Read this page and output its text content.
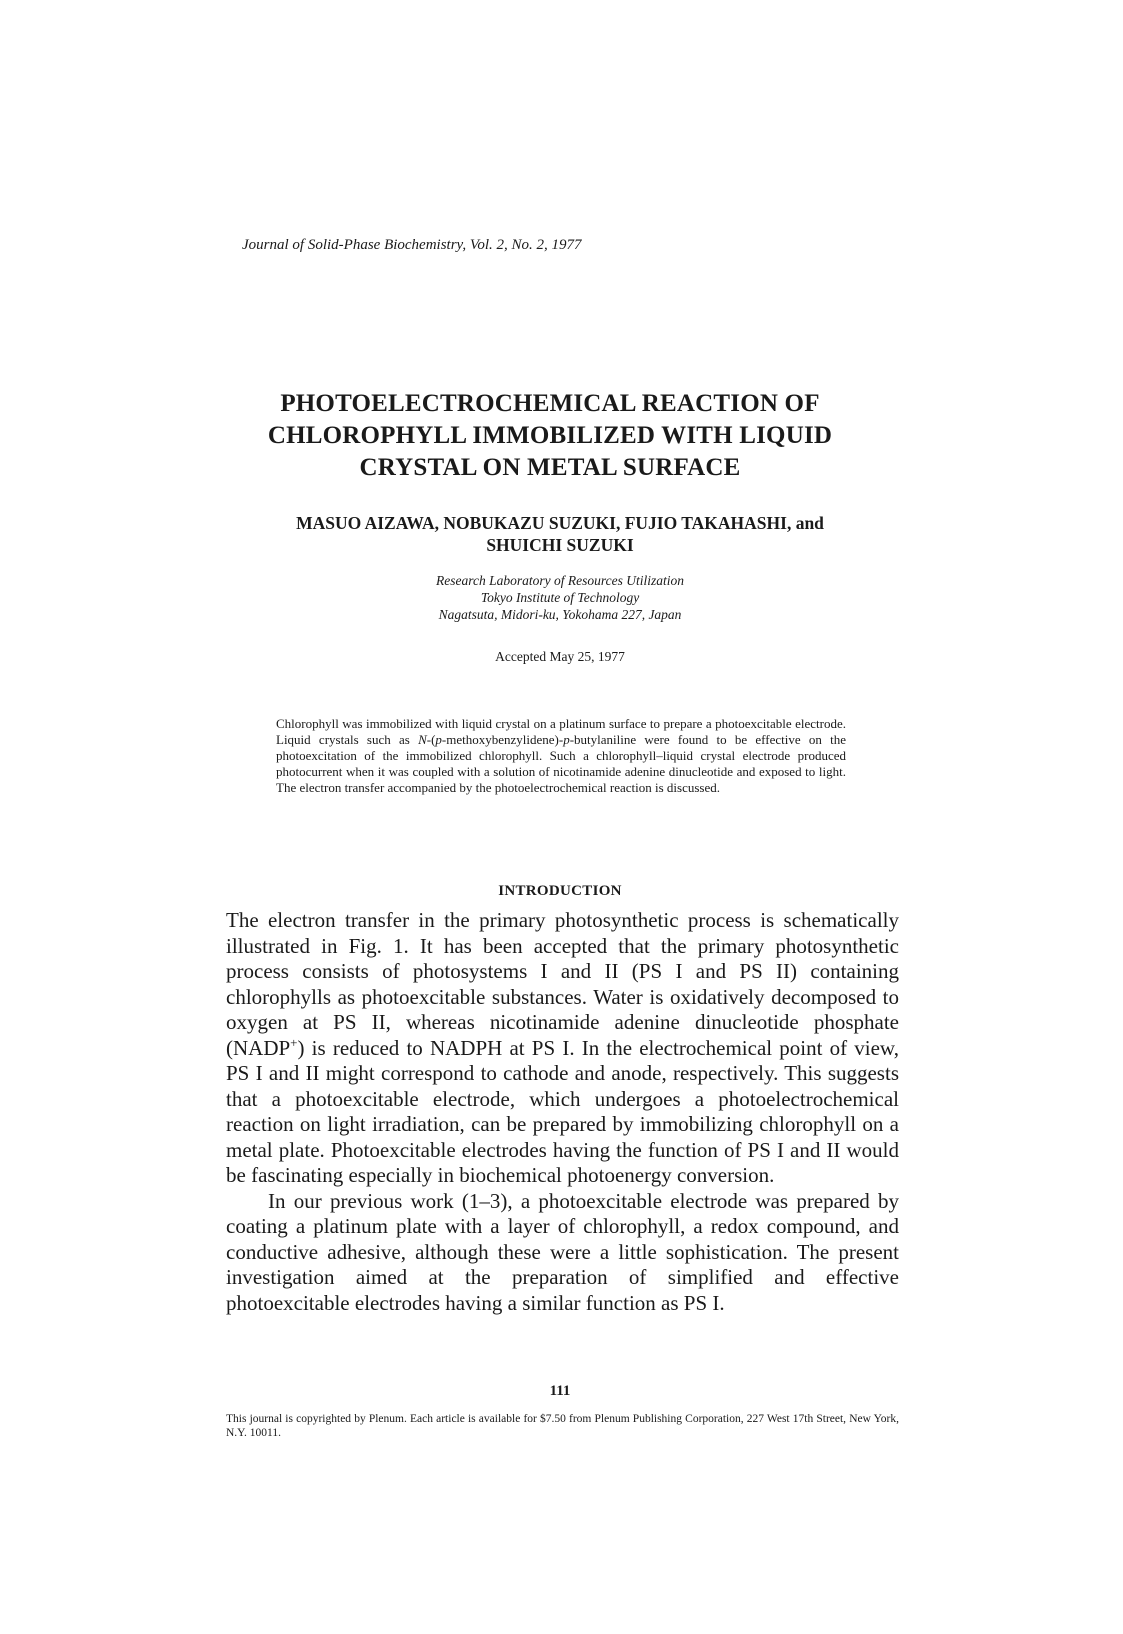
Journal of Solid-Phase Biochemistry, Vol. 2, No. 2, 1977
PHOTOELECTROCHEMICAL REACTION OF
CHLOROPHYLL IMMOBILIZED WITH LIQUID
CRYSTAL ON METAL SURFACE
MASUO AIZAWA, NOBUKAZU SUZUKI, FUJIO TAKAHASHI, and
SHUICHI SUZUKI
Research Laboratory of Resources Utilization
Tokyo Institute of Technology
Nagatsuta, Midori-ku, Yokohama 227, Japan
Accepted May 25, 1977
Chlorophyll was immobilized with liquid crystal on a platinum surface to prepare a photoexcitable electrode. Liquid crystals such as N-(p-methoxybenzylidene)-p-butylaniline were found to be effective on the photoexcitation of the immobilized chlorophyll. Such a chlorophyll–liquid crystal electrode produced photocurrent when it was coupled with a solution of nicotinamide adenine dinucleotide and exposed to light. The electron transfer accompanied by the photoelectrochemical reaction is discussed.
INTRODUCTION

The electron transfer in the primary photosynthetic process is schematically illustrated in Fig. 1. It has been accepted that the primary photosynthetic process consists of photosystems I and II (PS I and PS II) containing chlorophylls as photoexcitable substances. Water is oxidatively decomposed to oxygen at PS II, whereas nicotinamide adenine dinucleotide phosphate (NADP+) is reduced to NADPH at PS I. In the electrochemical point of view, PS I and II might correspond to cathode and anode, respectively. This suggests that a photoexcitable electrode, which undergoes a photoelectrochemical reaction on light irradiation, can be prepared by immobilizing chlorophyll on a metal plate. Photoexcitable electrodes having the function of PS I and II would be fascinating especially in biochemical photoenergy conversion.

In our previous work (1–3), a photoexcitable electrode was prepared by coating a platinum plate with a layer of chlorophyll, a redox compound, and conductive adhesive, although these were a little sophistication. The present investigation aimed at the preparation of simplified and effective photoexcitable electrodes having a similar function as PS I.

111
This journal is copyrighted by Plenum. Each article is available for $7.50 from Plenum Publishing Corporation, 227 West 17th Street, New York, N.Y. 10011.
